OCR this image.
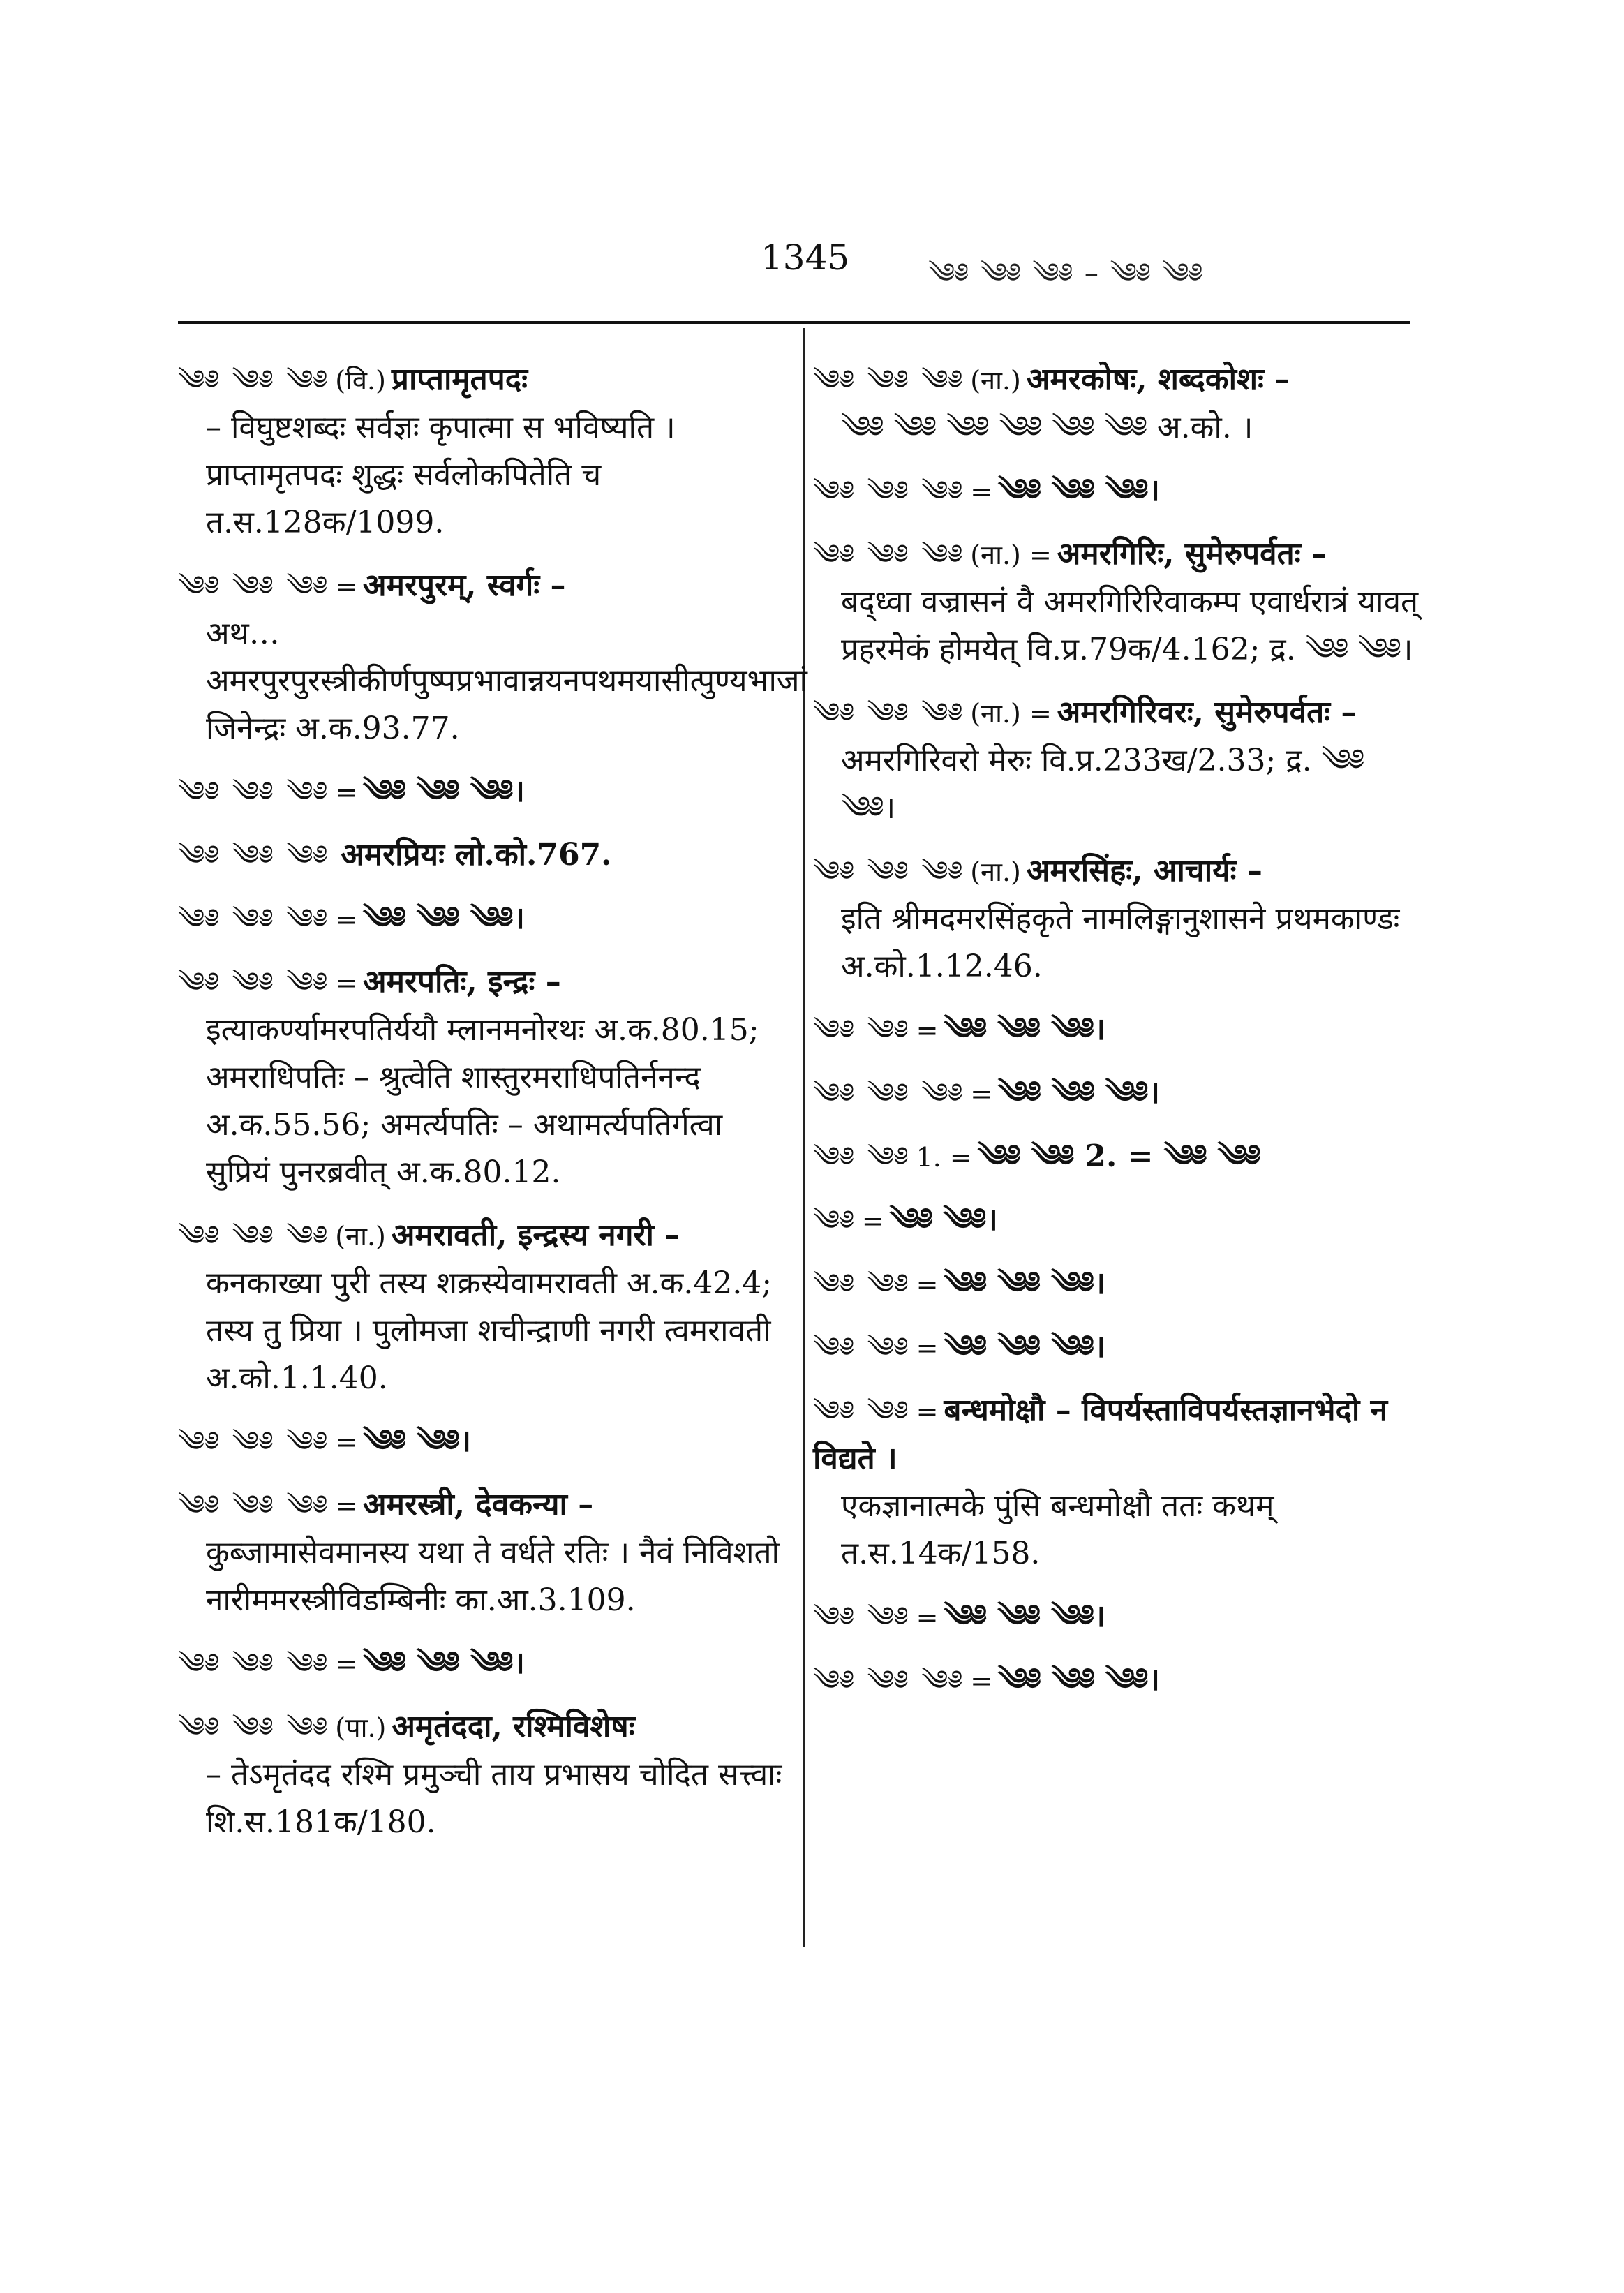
1345	༄༅ ༄༅ ༄༅ – ༄༅ ༄༅
༄༅ ༄༅ ༄༅ (वि.) प्राप्तामृतपदः
– विघुष्टशब्दः सर्वज्ञः कृपात्मा स भविष्यति । प्राप्तामृतपदः शुद्धः सर्वलोकपितेति च त.स.128क/1099.
༄༅ ༄༅ ༄༅ = अमरपुरम्, स्वर्गः –
अथ… अमरपुरपुरस्त्रीकीर्णपुष्पप्रभावान्नयनपथमयासीत्पुण्यभाजां जिनेन्द्रः अ.क.93.77.
༄༅ ༄༅ ༄༅ = ༄༅ ༄༅ ༄༅।
༄༅ ༄༅ ༄༅ अमरप्रियः लो.को.767.
༄༅ ༄༅ ༄༅ = ༄༅ ༄༅ ༄༅।
༄༅ ༄༅ ༄༅ = अमरपतिः, इन्द्रः –
इत्याकर्ण्यामरपतिर्ययौ म्लानमनोरथः अ.क.80.15; अमराधिपतिः – श्रुत्वेति शास्तुरमराधिपतिर्ननन्द अ.क.55.56; अमर्त्यपतिः – अथामर्त्यपतिर्गत्वा सुप्रियं पुनरब्रवीत् अ.क.80.12.
༄༅ ༄༅ ༄༅ (ना.) अमरावती, इन्द्रस्य नगरी –
कनकाख्या पुरी तस्य शक्रस्येवामरावती अ.क.42.4; तस्य तु प्रिया । पुलोमजा शचीन्द्राणी नगरी त्वमरावती अ.को.1.1.40.
༄༅ ༄༅ ༄༅ = ༄༅ ༄༅।
༄༅ ༄༅ ༄༅ = अमरस्त्री, देवकन्या –
कुब्जामासेवमानस्य यथा ते वर्धते रतिः । नैवं निविशतो नारीममरस्त्रीविडम्बिनीः का.आ.3.109.
༄༅ ༄༅ ༄༅ = ༄༅ ༄༅ ༄༅।
༄༅ ༄༅ ༄༅ (पा.) अमृतंददा, रश्मिविशेषः
– तेऽमृतंदद रश्मि प्रमुञ्ची ताय प्रभासय चोदित सत्त्वाः शि.स.181क/180.
༄༅ ༄༅ ༄༅ (ना.) अमरकोषः, शब्दकोशः –
༄༅ ༄༅ ༄༅ ༄༅ ༄༅ ༄༅ अ.को. ।
༄༅ ༄༅ ༄༅ = ༄༅ ༄༅ ༄༅।
༄༅ ༄༅ ༄༅ (ना.) = अमरगिरिः, सुमेरुपर्वतः –
बद्ध्वा वज्रासनं वै अमरगिरिरिवाकम्प एवार्धरात्रं यावत् प्रहरमेकं होमयेत् वि.प्र.79क/4.162; द्र. ༄༅ ༄༅।
༄༅ ༄༅ ༄༅ (ना.) = अमरगिरिवरः, सुमेरुपर्वतः –
अमरगिरिवरो मेरुः वि.प्र.233ख/2.33; द्र. ༄༅ ༄༅।
༄༅ ༄༅ ༄༅ (ना.) अमरसिंहः, आचार्यः –
इति श्रीमदमरसिंहकृते नामलिङ्गानुशासने प्रथमकाण्डः अ.को.1.12.46.
༄༅ ༄༅ = ༄༅ ༄༅ ༄༅।
༄༅ ༄༅ ༄༅ = ༄༅ ༄༅ ༄༅।
༄༅ ༄༅ 1. = ༄༅ ༄༅ 2. = ༄༅ ༄༅
༄༅ = ༄༅ ༄༅।
༄༅ ༄༅ = ༄༅ ༄༅ ༄༅।
༄༅ ༄༅ = ༄༅ ༄༅ ༄༅।
༄༅ ༄༅ = बन्धमोक्षौ – विपर्यस्ताविपर्यस्तज्ञानभेदो न विद्यते ।
एकज्ञानात्मके पुंसि बन्धमोक्षौ ततः कथम् त.स.14क/158.
༄༅ ༄༅ = ༄༅ ༄༅ ༄༅।
༄༅ ༄༅ ༄༅ = ༄༅ ༄༅ ༄༅।
